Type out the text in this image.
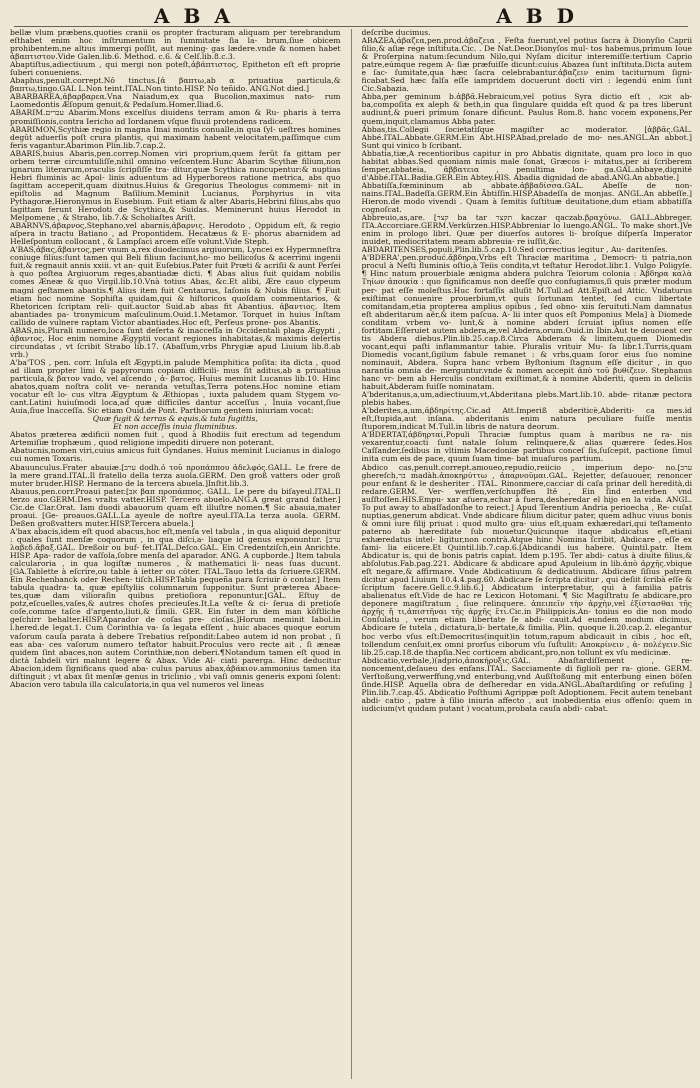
ABA	ABD

bellæ vlum præbens,quoties cranii os propter fracturam aliquam per terebrandum eſthabet enim hoc inſtrumentum in ſummitate ſia la- brum,ſiue obicem prohibentem,ne altius immergi poſſit, aut mening- gas lædere.vnde & nomen habet ἀβαπτιστον.Vide Galen.lib.6. Method. c.6. & Celſ.lib.8.c.3.

Abaptiſtus,adiectiuum , qui mergi non poteſt,ἀβάπτιστος, Epitheton eſt eft proprie ſuberi conueniens.

Abaphus,penult.corrept.Nô tinctus.[ἀ βαπτω,ab α priuatiua particula,& βαπτω,tingo.GAL L.Non teint.ITAL.Non tinto.HISP. No teñido. ANG.Not died.]

ABARBAREA,ἀβαρβαρεα.Vna Naiadum,ex qua Bucolion,maximus nato- rum Laomedontis Æſopum genuit,& Pedaſum.Homer.Iliad.6.

ABARIM.עברים Abarim.Mons excelſus diuidens terram amon & Ru- pharis à terra promiſſionis,contra Iericho ad Iordanem vſque fluuii protendens radicem.

ABARIMON,Scythiæ regio in magna Imai montis conualle,in qua ſyl- ueſtres homines degût aduerſis poſt crura plantis, qui maximam habent velocitatem,paſſimque cum feris vagantur.Abarimon Plin.lib.7.cap.2.

ABARIS,huius Abaris,pen.correp.Nomen viri proprium,quem ferût fa gittam per orbem terræ circumtuliſſe,nihil omnino veſcentem.Hunc Abarim Scythæ filium,non ignarum literarum,oraculis ſcripſiſſe tra- ditur,quæ Scythica nuncupentur:& nuptias Hebri fluminis ac Apol- linis aduentum ad Hyperboreos ratione metrica, abs quo ſagittam acceperit,quam dixitnus.Huius & Gregorius Theologus commemi- nit in epiſtolis ad Magnum Baſilium.Meminit Lucianus, Porphyrius in vita Pythagoræ,Hieronymus in Eusebium. Fuit etiam & alter Abaris,Hebrini filius,abs quo ſagittam ferunt Herodoti de Scythica,& Suidas. Meminerunt huius Herodot in Melpomene , & Strabo, lib.7.& Scholiaſtes Ariſt.

ABARNVS,ἀβαρνος,Stephano,vel abarnis,ἀβαρνις. Herodoto , Oppidum eſt, & regio aſpera in tractu Batiano , ad Propontidem. Hecatæus & E- phorus abarnidem ad Helleſpontum collocant , & Lampſaci arcem eſſe volunt.Vide Steph.

A'BAS,ἀβας,ἄβαντος,per vnum a,rex duodecimus argiuorum, Lyncei ex Hypermneſtra coniuge filius:ſunt tamen qui Beli filium faciunt,ho- mo bellicoſus & acerrimi ingenii fuit,& regnauit annis xxiii. vt an- quit Euſebius.Pater fuit Prœti & acriſii & aunt Perſei à quo poſtea Argiuorum reges,abantiadæ dicti. ¶ Abas alius fuit quidam nobilis comes Æneæ & quo Virgil.lib.10.Vnà totius Abas, &c.Et alibi, Ære cauo clypeum magni geſtamen abantis.¶ Alius item fuit Centaurus, Iaſonis & Nubis filius. ¶ Fuit etiam hoc nomine Sophiſta quidam,qui & hiſtoricos quoſdam commentarios, & Rhetoricen ſcriptam reli- quit.auctor Suid.ab abas fit Abantius. ἀβαντιος. Item abantiades pa- tronymicum maſculinum.Ouid.1.Metamor. Torquet in huius Inſtam callido de vulnere raptam Victor abantiades.Hoc eſt, Perſeus prone- pos Abantis.

ABAS,nis,Plurali numero,loca ſunt deſerta & inacceſſa in Occidentali plaga Ægypti , ἀβαντος. Hoc enim nomine Ægyptii vocant regiones inhabitatas,& maximis deſertis circundatas , vt ſcribit Strabo lib.17. (Abaſſum,vrbs Phrygiæ apud Liuium lib.8.ab vrb.)

A'ba'TOS , pen. corr. Inſula eſt Ægypti,in palude Memphitica poſita: ita dicta , quod ad illam propter limi & papyrorum copiam difficili- mus ſit aditus,ab a priuatiua particula,& βατον vado, vel aſcendo , ἀ- βατος. Huius meminit Lucanus lib.10. Hinc abatos,quam noſtra colit ve- neranda vetuſtas,Terra potens.Hoc nomine etiam vocatur eſt lo- cus vltra Ægyptum & Æthiopas , iuxta paludem quam Stygem vo- cant.Latini huiuſmodi loca,ad quæ difficiles dantur acceſſus , Inuia vocant,ſiue Auia,ſiue Inacceſſa. Sic etiam Ouid.de Pont. Parthorum gentem iniuriam vocat:

Quæ fugit & terras & equis,& tuta fugittis,

Et non acceſſis inuia fluminibus.

Abatos præterea ædificii nomen fuit , quod à Rhodiis fuit erectum ad tegendum Artemiſiæ trophæum , quod religione impediti diruere non poterant.

Abatucnis,nomen viri,cuius amicus fuit Gyndanes. Huius meminit Lucianus in dialogo cui nomen Toxaris.

Abauunculus.Frater abauiæ.[ערב dodh.ὁ τοῦ προπάππου ἀδελφός.GALL. Le frere de la mere grand.ITAL.Il fratello della terza auola.GERM. Den groß vatters oder groß muter bruder.HISP. Hermano de la tercera abuela.]Inſtit.lib.3.

Abauus,pen.corr.Proaui pater.[אב βαπ προπάππος. GALL. Le pere du biſayeul.ITAL.Il terzo auo.GERM.Des vralts vatter.HISP. Tercero abuelo.ANG.A great grand father.] Cic.de Clar.Orat. Iam duodi abauorum quam eſt illuſtre nomen.¶ Sic abauia,mater proaui. [Ge- proauos.GALL.La ayeule de noſtre ayeul.ITA.La terza auola. GERM. Deßen großvatters muter.HISP.Tercera abuela.]

A'bax abacis,idem eſt quod abacus,hoc eſt,menſa vel tabula , in qua aliquid deponitur : quales ſunt menſæ coquorum , in qua diſci,a- liaque id genus exponuntur. [ערב λαβεδ.ἄβαξ.GAL. Dreßoir ou buf- fet.ITAL.Deſco.GAL. Ein Credentziſch,ein Anrichte. HISP. Apa- rador de vaſſola,ſobre menſa del aparador. ANG. A cupborde.] Item tabula calcularoria , in qua logiſtæ numeros , & mathematici li- neas ſuas ducunt. [GA.Tablette à eſcrire,ou table à ietter ou côter. ITAL.Tauo letta da ſcriuere.GERM. Ein Rechenbanck oder Rechen- tiſch.HISP.Tabla pequeña para ſcriuir ò contar.] Item tabula quadra- ta, quæ epiſtyliis columnarum ſupponitur. Sunt præterea Abace- tes,quæ dam vilioraſin quibus pretioſiora reponuntur.[GAL. Eſtuy de potz,eſcuelles,vaſes,& autres choſes precieuſes.It.La veſte & ci- ſerua di pretioſe coſe,comme taſce d'argento,liuti,& ſimili. GER. Ein futer in dem man köſtliche geſchirr behalter.HISP.Aparador de coſas pre- cioſas.]Horum meminit Iabol.in l.hered.de legat.1. Cum Corinthia va- ſa legata eſſent , huic abaces quoque eorum vaſorum cauſa parata à debere Trebatius reſpondit:Labeo autem id non probat , ſi eas aba- ces vaſorum numero teſtator habuit.Proculus vero recte ait , ſi æneæ quidem ſint abaces,non autem Corinthiæ,non deberi.¶Notandum tamen eſt quod in dictà Iabdeli viri malunt legere & Abax. Vide Al- ciati parerga. Hinc deducitur Abacion,idem ſignificans quod aba- culus paruus abax,ἀβάκιον.ammonius tamen ita diſtinguit ; vt abax ſit menſæ genus in triclinio , vbi vaſi omnis generis exponi ſolent: Abacion vero tabula illa calculatoria,in qua vel numeros vel lineas

deſcribe ducimus.

ABAZEA,ἀβαζεα,pen.prod.ἀβαζεια , Feſta fuerunt,vel potius ſacra à Dionyſio Caprii filio,& aſiæ rege inſtituta.Cic. . De Nat.Deor.Dionyſos mul- tos habemus,primum Ioue & Proſerpina natum:ſecundum Nilo,qui Nyſam dicitur interemiſſe:tertium Caprio patre,eúmque regem A- ſiæ præfuiſſe dicunt:cuius Abazea ſunt inſtituta.Dicta autem e ſac- ſumitate,qua hæc ſacra celebrabantur.ἀβαζειν enim taciturnum ſigni- ficabat.Sed hæc falſa eſſe iampridem docuerunt docti viri : legendú enim ſunt Cic.Sabazia.

Abba,per geminum b.ἀββᾶ.Hebraicum,vel potius Syra dictio eſt , אבא ab- ba,compoſita ex aleph & beth,in qua ſingulare quidda eſt quod & pa tres liberunt audiunt,& pueri primum ſonare dificunt. Paulus Rom.8. hanc vocem exponens,Per quem,inquit,clamamus Abba pater.

Abbas,tis.Collegii ſocietatiſque magiſter ac moderator. [ἀββᾶς.GAL. Abbé.ITAL.Abbate.GERM.Ein Abt.HISP.Abad,prelado de mo- nes.ANGL.An abbot.] Sunt qui vinico b ſcribant.

Abbatia,tiæ,A recentioribus capitur in pro Abbatis dignitate, quam pro loco in quo habitat abbas.Sed quoniam nimis male ſonat, Græcos i- mitatus,per ai ſcriberem ſemper,abbateia, ἀββατεια , penultima lon- ga.GAL.abbaye,dignité d'Abbé.ITAL.Badia.GER.Ein Abtey.HIS. Abadia dignidad de abad.ANG.An abbatie.]

Abbatiſſa,fœmininum ab abbate.ἀββαδίσσα.GAL. Abeſſe de non- nains.ITAL.Badeſſa.GERM.Ein Äbtiſſin.HISP.Abadeſſa de monjas. ANGL.An abbeſſe.] Hieron.de modo vivendi . Quam à ſemitis ſuſtituæ deuitatione,dum etiam abbatiſſa cognoſcat.

Abbreuio,as,are. [קצר ba tar תקצר kaczar qaczab.βραχύνω. GALL.Abbreger. ITA.Accorciare.GERM.Verkürzen.HISP.Abbreniar lo luengo.ANGL. To make short.]Ve enim in prologo libri. Quæ per diuerſos autores li- broſque diſperſa Imperator inuidet, mediocritatem meam abbreuia- re iuſſit,&c.

ABDARITENSES,populi,Plin.lib.5.cap.10.Sed correctius legitur , Au- daritenſes.

A'BDERA',pen.produć.ἄβδηρα,Vrbs eſt Thraciæ maritima , Democri- ti patria,non procul à Neſti fluminis oſtio,à Teiis condita,vt teſtatur Herodot.libr.1. Vulgo Poligyſe. ¶ Hinc natum prouerbiale ænigma abdera pulchra Teiorum colonia : Ἀβδηρα καλὰ Τηίων ἀποικία : quo ſignificamus non deeſſe quo confugiamus,ſi quis præter modum per- pat eſſe moleſtus.Huc fortaſſis alluſit M.Tull.ad Att.Epiſt.ad Attic. Vndaturus exiſtimat conuenire prouerbium,vt quis ſortunam tentet, ſed cum libertate comitandam,etia propterea amplius opibus , ſed obno- xiis ſeruituti.Nam damnatus eſt abderitarum aër,& item paſcua. A- lii inter quos eſt Pomponius Mela] à Diomede conditam vrbem vo- lunt,& à nomine abderi ſcruiat ipſius nomen eſſe fortitam.Eſſeruiet autem abdera,æ,vel Abdera,orum.Ouid.in Ibin.Aut te deuoueat cer tis Abdera diebus.Plin.lib.25.cap.8.Circa Abderam & limitem,quem Diomedis vocant,equi paſti inflammantur tabie. Pluralis vrituir Mu- ſa libr.1.Turris,quam Diomedis vocant,ſigilum fabule remanet : & vrbs,quam ſoror eius ſuo nomine nominauit, Abdera. Supra hanc vrbem Byſtonium ſtagnum eſſe dicitur , in quo narantia omnia de- merguntur.vnde & nomen accepit ἀπὸ τοῦ βυθίζειν. Stephanus hanc vr- bem ab Herculis conditam exiſtimat,& à nomine Abderiti, quem in deliciis habuit,Abderam fuiſſe nominatam.

A'bderitanus,a,um,adiectiuum,vt,Abderitana plebs.Mart.lib.10. abde- ritanæ pectora plebis habes.

A'bderites,a,um,ἀβδηρίτης.Cic.ad Att.Imperiß abderiticè,Abderiti- ca mes.id eſt,ſtupida,aut inſana. abderitanis enim natura peculiare fuiſſe mentis ſtuporem,indicat M.Tull.in libris de natura deorum.

A'BDERTAT,ἀβδηρταί,Populi Thraciæ ſumptus quam à maribus ne ra- nis vexarentur,coacti ſunt natale ſolum relinquere,& alias quærere ſedes.Hos Caſſander,ſedibus in vltimis Macedoniæ partibus conceſ ſis,ſuſcepit, pactione ſimul inita cum eis de pace, quum ſuam time- bat inuaſuros partium.

Abdico cas,penult.corrept.amoueo,repudio,reiicio , imperium depo- no.[ערב ghereſch,בר madàh.ἀποκηρύττω , ἀπαρνοῦμαι.GAL. Rejetter, deſauouer, renoncer pour enfant & le desheriter . ITAL. Rinonmere,cacciar di caſa prinar dell heredità,di redare.GERM. Ver- werffen,verſchupffen Itê , Ein ſind enterben vnd auſſtoſſen.HIS.Empu- xar afuera,echar à fuera,desheredar el hijo en la vida. ANGL. To put away to abaſſadonſhe to reiect.] Apud Terentium Andria perioecha , Re- cuſat nuptias,generum abdicat. Vnde abdicare filium dicitur pater, quem adhuc viuus bonis & omni iure filij priuat : quod multo gra- uius eſt,quam exhæredari,qui teſtamento paterno ab hæreditate ſub mouetur.Quicunque itaque abdicatus eſt,etiani exhæredatus intel- ligitur,non contrà.Atque hinc Nomina ſcribit, Abdicare , eſſe ex fami- lia eiicere.Et Quintil.lib.7.cap.6.[Abdicandi ius habere. Quintil.patr. Item Abdicatur is, qui de bonis patris capiat. Idem p.195. Ter abdi- catus à diuite filius,& abſolutus.Fab.pag.221. Abdicare & abdicare apud Apuleium in lib.ἀπὸ ἀρχῆς.vbique eſt negare,& affirmare. Vnde Abdicatiuum & dedicatiuum. Abdicare ſiſius patrem dicitur apud Liuium 10.4.4.pag.60. Abdicare ſe ſcripta dicitur , qui deſiit ſcribà eſſe & ſcriptum facere.Gell.c.9.lib.6.] Abdicatum interpretatur, qui à familia patris abalienatus eſt.Vide de hac re Lexicon Hotomani. ¶ Sic Magiſtratu ſe abdicare,pro deponere magiſtratum , ſiue relinquere. ἀπειπεῖν τὴν ἀρχὴν,vel ἐξίστασθαι τῆς ἀρχῆς ἤ τι,ἀπιστῆναι τῆς ἀρχῆς ἔτι.Cic.in Philippicis.An- tonius eo die non modo Conſulatu , verum etiam libertate ſe abdi- cauit.Ad eundem modum dicimus, Abdicare ſe tutela , dictatura,li- bertate,& ſimilia. Plin. quoque li.20.cap.2. elegantur hoc verbo vſus eſt:Democritus(inquit)in totum,rapum abdicauit in cibis , hoc eſt, tollendum cenſuit,ex omni prorſus ciborum vſu ſuſtulit: Αποκρίνειν , ἀ- πολέγειν.Sic lib.25.cap.18.de thapſia.Nec corticem abdicant,pro,non tollunt ex vſu medicinæ.

Abdicatio,verbale,)(adprio,ἀποκήρυξις.GAL. Abaſtardiſſement , re- noncement,deſaueu des enfans.ITAL. Sacciamente di figlioli per ra- gione. GERM. Verſtoßung,verwerffung,vnd enterbung,vnd Außſtoßung mit enterbung einen böſen ſinde.HISP. Aquella obra de deſheredar en vida.ANGL.Abaſtardiſing or refuſing ] Plin.lib.7.cap.45. Abdicatio Poſthumi Agrippæ poſt Adoptionem. Fecit autem tenebant abdi- catio , patre à ſilio iniuria affecto , aut inobedientia eius offenſo: quem in iudicium(vt quidam putant ) vocatum,probata cauſa abdi- cabat.
